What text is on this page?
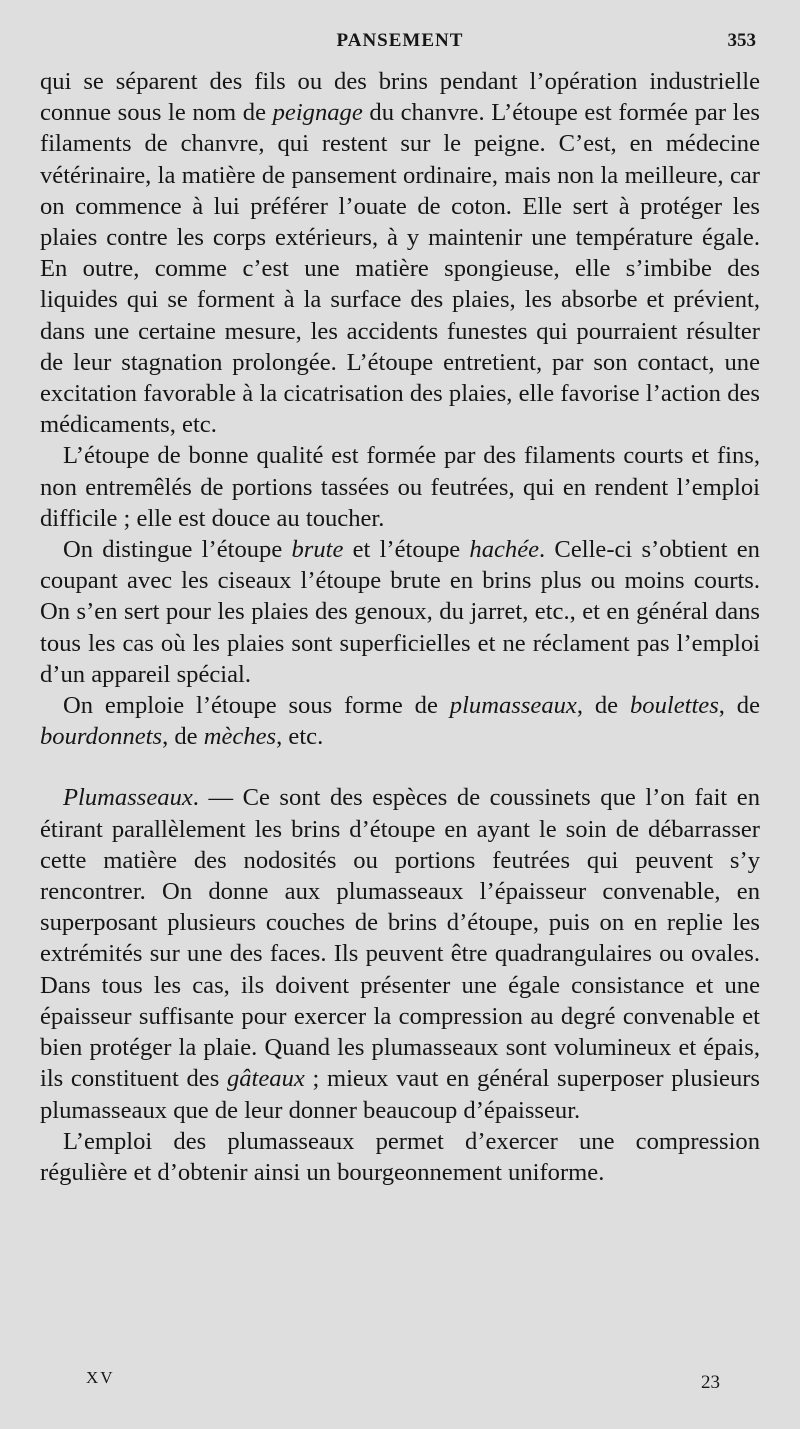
PANSEMENT	353

qui se séparent des fils ou des brins pendant l’opération industrielle connue sous le nom de peignage du chanvre. L’étoupe est formée par les filaments de chanvre, qui restent sur le peigne. C’est, en médecine vétérinaire, la matière de pansement ordinaire, mais non la meilleure, car on commence à lui préférer l’ouate de coton. Elle sert à protéger les plaies contre les corps extérieurs, à y maintenir une température égale. En outre, comme c’est une matière spongieuse, elle s’imbibe des liquides qui se forment à la surface des plaies, les absorbe et prévient, dans une certaine mesure, les accidents funestes qui pourraient résulter de leur stagnation prolongée. L’étoupe entretient, par son contact, une excitation favorable à la cicatrisation des plaies, elle favorise l’action des médicaments, etc.

L’étoupe de bonne qualité est formée par des filaments courts et fins, non entremêlés de portions tassées ou feutrées, qui en rendent l’emploi difficile ; elle est douce au toucher.

On distingue l’étoupe brute et l’étoupe hachée. Celle-ci s’obtient en coupant avec les ciseaux l’étoupe brute en brins plus ou moins courts. On s’en sert pour les plaies des genoux, du jarret, etc., et en général dans tous les cas où les plaies sont superficielles et ne réclament pas l’emploi d’un appareil spécial.

On emploie l’étoupe sous forme de plumasseaux, de boulettes, de bourdonnets, de mèches, etc.

Plumasseaux. — Ce sont des espèces de coussinets que l’on fait en étirant parallèlement les brins d’étoupe en ayant le soin de débarrasser cette matière des nodosités ou portions feutrées qui peuvent s’y rencontrer. On donne aux plumasseaux l’épaisseur convenable, en superposant plusieurs couches de brins d’étoupe, puis on en replie les extrémités sur une des faces. Ils peuvent être quadrangulaires ou ovales. Dans tous les cas, ils doivent présenter une égale consistance et une épaisseur suffisante pour exercer la compression au degré convenable et bien protéger la plaie. Quand les plumasseaux sont volumineux et épais, ils constituent des gâteaux ; mieux vaut en général superposer plusieurs plumasseaux que de leur donner beaucoup d’épaisseur.

L’emploi des plumasseaux permet d’exercer une compression régulière et d’obtenir ainsi un bourgeonnement uniforme.

XV	23
